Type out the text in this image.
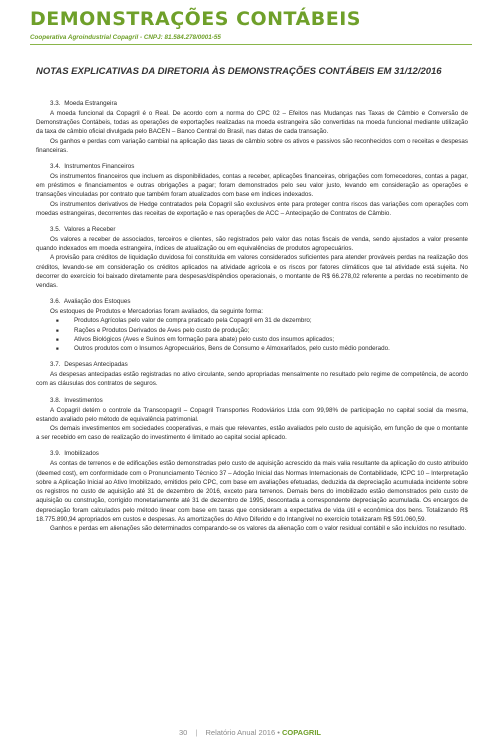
DEMONSTRAÇÕES CONTÁBEIS
Cooperativa Agroindustrial Copagril - CNPJ: 81.584.278/0001-55
NOTAS EXPLICATIVAS DA DIRETORIA ÀS DEMONSTRAÇÕES CONTÁBEIS EM 31/12/2016
3.3. Moeda Estrangeira

A moeda funcional da Copagril é o Real. De acordo com a norma do CPC 02 – Efeitos nas Mudanças nas Taxas de Câmbio e Conversão de Demonstrações Contábeis, todas as operações de exportações realizadas na moeda estrangeira são convertidas na moeda funcional mediante utilização da taxa de câmbio oficial divulgada pelo BACEN – Banco Central do Brasil, nas datas de cada transação.

Os ganhos e perdas com variação cambial na aplicação das taxas de câmbio sobre os ativos e passivos são reconhecidos com o receitas e despesas financeiras.

3.4. Instrumentos Financeiros

Os instrumentos financeiros que incluem as disponibilidades, contas a receber, aplicações financeiras, obrigações com fornecedores, contas a pagar, em préstimos e financiamentos e outras obrigações a pagar; foram demonstrados pelo seu valor justo, levando em consideração as operações e transações vinculadas por contrato que também foram atualizados com base em índices indexados.

Os instrumentos derivativos de Hedge contratados pela Copagril são exclusivos ente para proteger contra riscos das variações com operações com moedas estrangeiras, decorrentes das receitas de exportação e nas operações de ACC – Antecipação de Contratos de Câmbio.

3.5. Valores a Receber

Os valores a receber de associados, terceiros e clientes, são registrados pelo valor das notas fiscais de venda, sendo ajustados a valor presente quando indexados em moeda estrangeira, índices de atualização ou em equivalências de produtos agropecuários.

A provisão para créditos de liquidação duvidosa foi constituída em valores considerados suficientes para atender prováveis perdas na realização dos créditos, levando-se em consideração os créditos aplicados na atividade agrícola e os riscos por fatores climáticos que tal atividade está sujeita. No decorrer do exercício foi baixado diretamente para despesas/dispêndios operacionais, o montante de R$ 66.278,02 referente a perdas no recebimento de vendas.

3.6. Avaliação dos Estoques

Os estoques de Produtos e Mercadorias foram avaliados, da seguinte forma:

■ Produtos Agrícolas pelo valor de compra praticado pela Copagril em 31 de dezembro;
■ Rações e Produtos Derivados de Aves pelo custo de produção;
■ Ativos Biológicos (Aves e Suínos em formação para abate) pelo custo dos insumos aplicados;
■ Outros produtos com o Insumos Agropecuários, Bens de Consumo e Almoxarifados, pelo custo médio ponderado.
3.7. Despesas Antecipadas

As despesas antecipadas estão registradas no ativo circulante, sendo apropriadas mensalmente no resultado pelo regime de competência, de acordo com as cláusulas dos contratos de seguros.

3.8. Investimentos

A Copagril detém o controle da Transcopagril – Copagril Transportes Rodoviários Ltda com 99,98% de participação no capital social da mesma, estando avaliado pelo método de equivalência patrimonial.

Os demais investimentos em sociedades cooperativas, e mais que relevantes, estão avaliados pelo custo de aquisição, em função de que o montante a ser recebido em caso de realização do investimento é limitado ao capital social aplicado.

3.9. Imobilizados

As contas de terrenos e de edificações estão demonstradas pelo custo de aquisição acrescido da mais valia resultante da aplicação do custo atribuído (deemed cost), em conformidade com o Pronunciamento Técnico 37 – Adoção Inicial das Normas Internacionais de Contabilidade, ICPC 10 – Interpretação sobre a Aplicação Inicial ao Ativo Imobilizado, emitidos pelo CPC, com base em avaliações efetuadas, deduzida da depreciação acumulada incidente sobre os registros no custo de aquisição até 31 de dezembro de 2016, exceto para terrenos. Demais bens do imobilizado estão demonstrados pelo custo de aquisição ou construção, corrigido monetariamente até 31 de dezembro de 1995, descontada a correspondente depreciação acumulada. Os encargos de depreciação foram calculados pelo método linear com base em taxas que consideram a expectativa de vida útil e econômica dos bens. Totalizando R$ 18.775.890,94 apropriados em custos e despesas. As amortizações do Ativo Diferido e do Intangível no exercício totalizaram R$ 591.060,59.

Ganhos e perdas em alienações são determinados comparando-se os valores da alienação com o valor residual contábil e são incluídos no resultado.

30 | Relatório Anual 2016 • COPAGRIL
